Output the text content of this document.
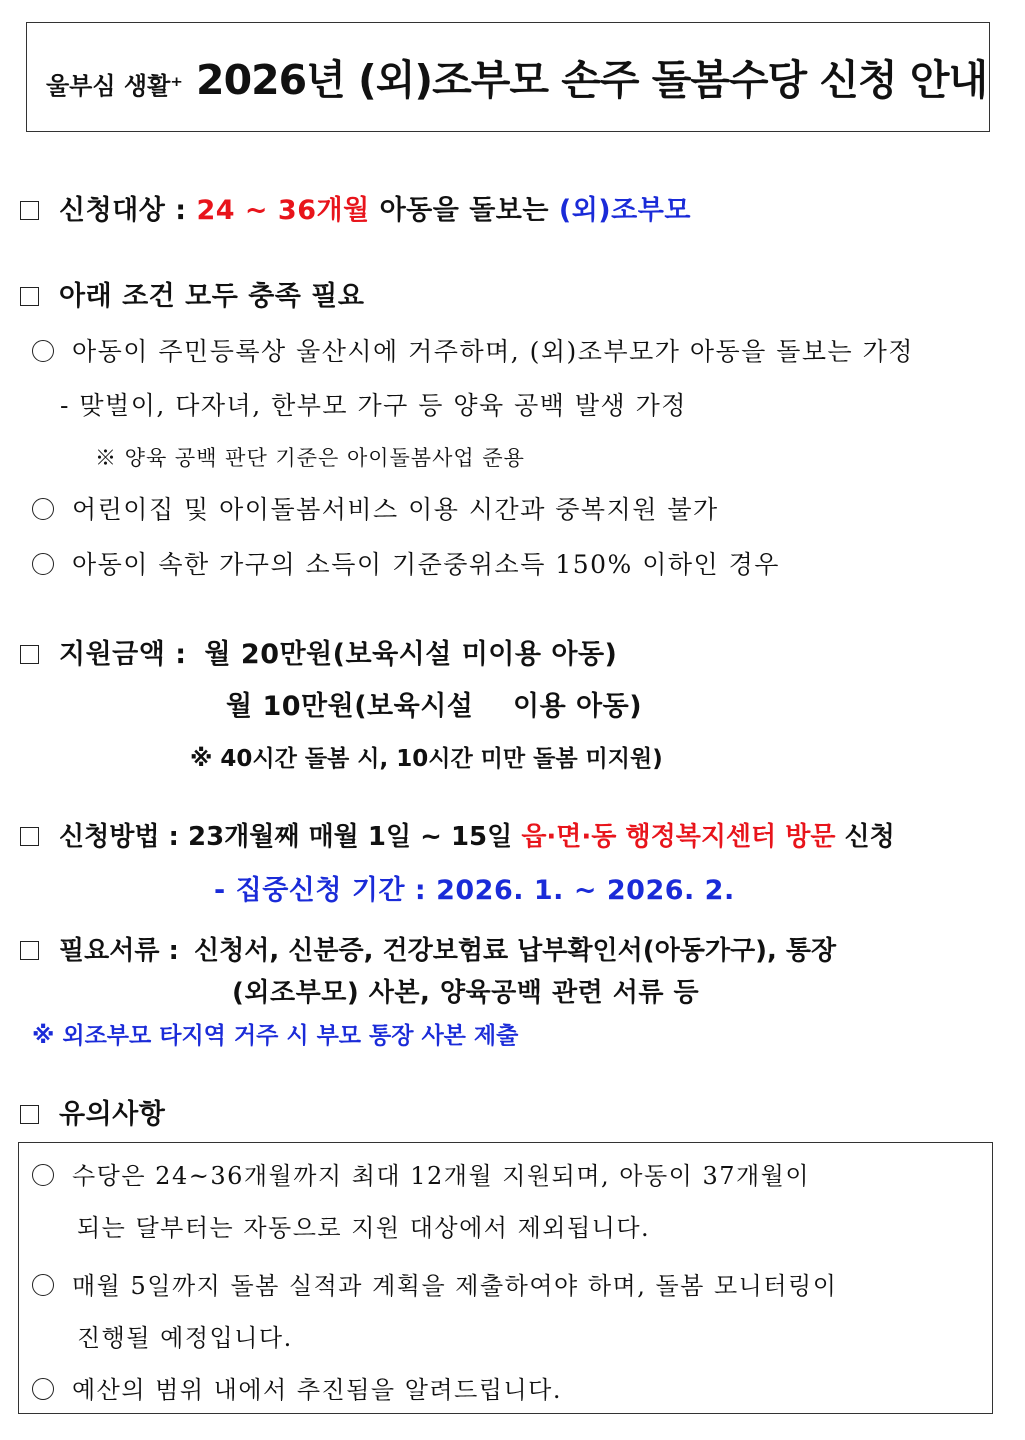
울부심 생활⁺ 2026년 (외)조부모 손주 돌봄수당 신청 안내
신청대상 : 24 ~ 36개월 아동을 돌보는 (외)조부모
아래 조건 모두 충족 필요
아동이 주민등록상 울산시에 거주하며, (외)조부모가 아동을 돌보는 가정
- 맞벌이, 다자녀, 한부모 가구 등 양육 공백 발생 가정
※ 양육 공백 판단 기준은 아이돌봄사업 준용
어린이집 및 아이돌봄서비스 이용 시간과 중복지원 불가
아동이 속한 가구의 소득이 기준중위소득 150% 이하인 경우
지원금액 : 월 20만원(보육시설 미이용 아동)
월 10만원(보육시설    이용 아동)
※ 40시간 돌봄 시, 10시간 미만 돌봄 미지원)
신청방법 : 23개월째 매월 1일 ~ 15일 읍·면·동 행정복지센터 방문 신청
- 집중신청 기간 : 2026. 1. ~ 2026. 2.
필요서류 : 신청서, 신분증, 건강보험료 납부확인서(아동가구), 통장
(외조부모) 사본, 양육공백 관련 서류 등
※ 외조부모 타지역 거주 시 부모 통장 사본 제출
유의사항
수당은 24~36개월까지 최대 12개월 지원되며, 아동이 37개월이
되는 달부터는 자동으로 지원 대상에서 제외됩니다.
매월 5일까지 돌봄 실적과 계획을 제출하여야 하며, 돌봄 모니터링이
진행될 예정입니다.
예산의 범위 내에서 추진됨을 알려드립니다.
